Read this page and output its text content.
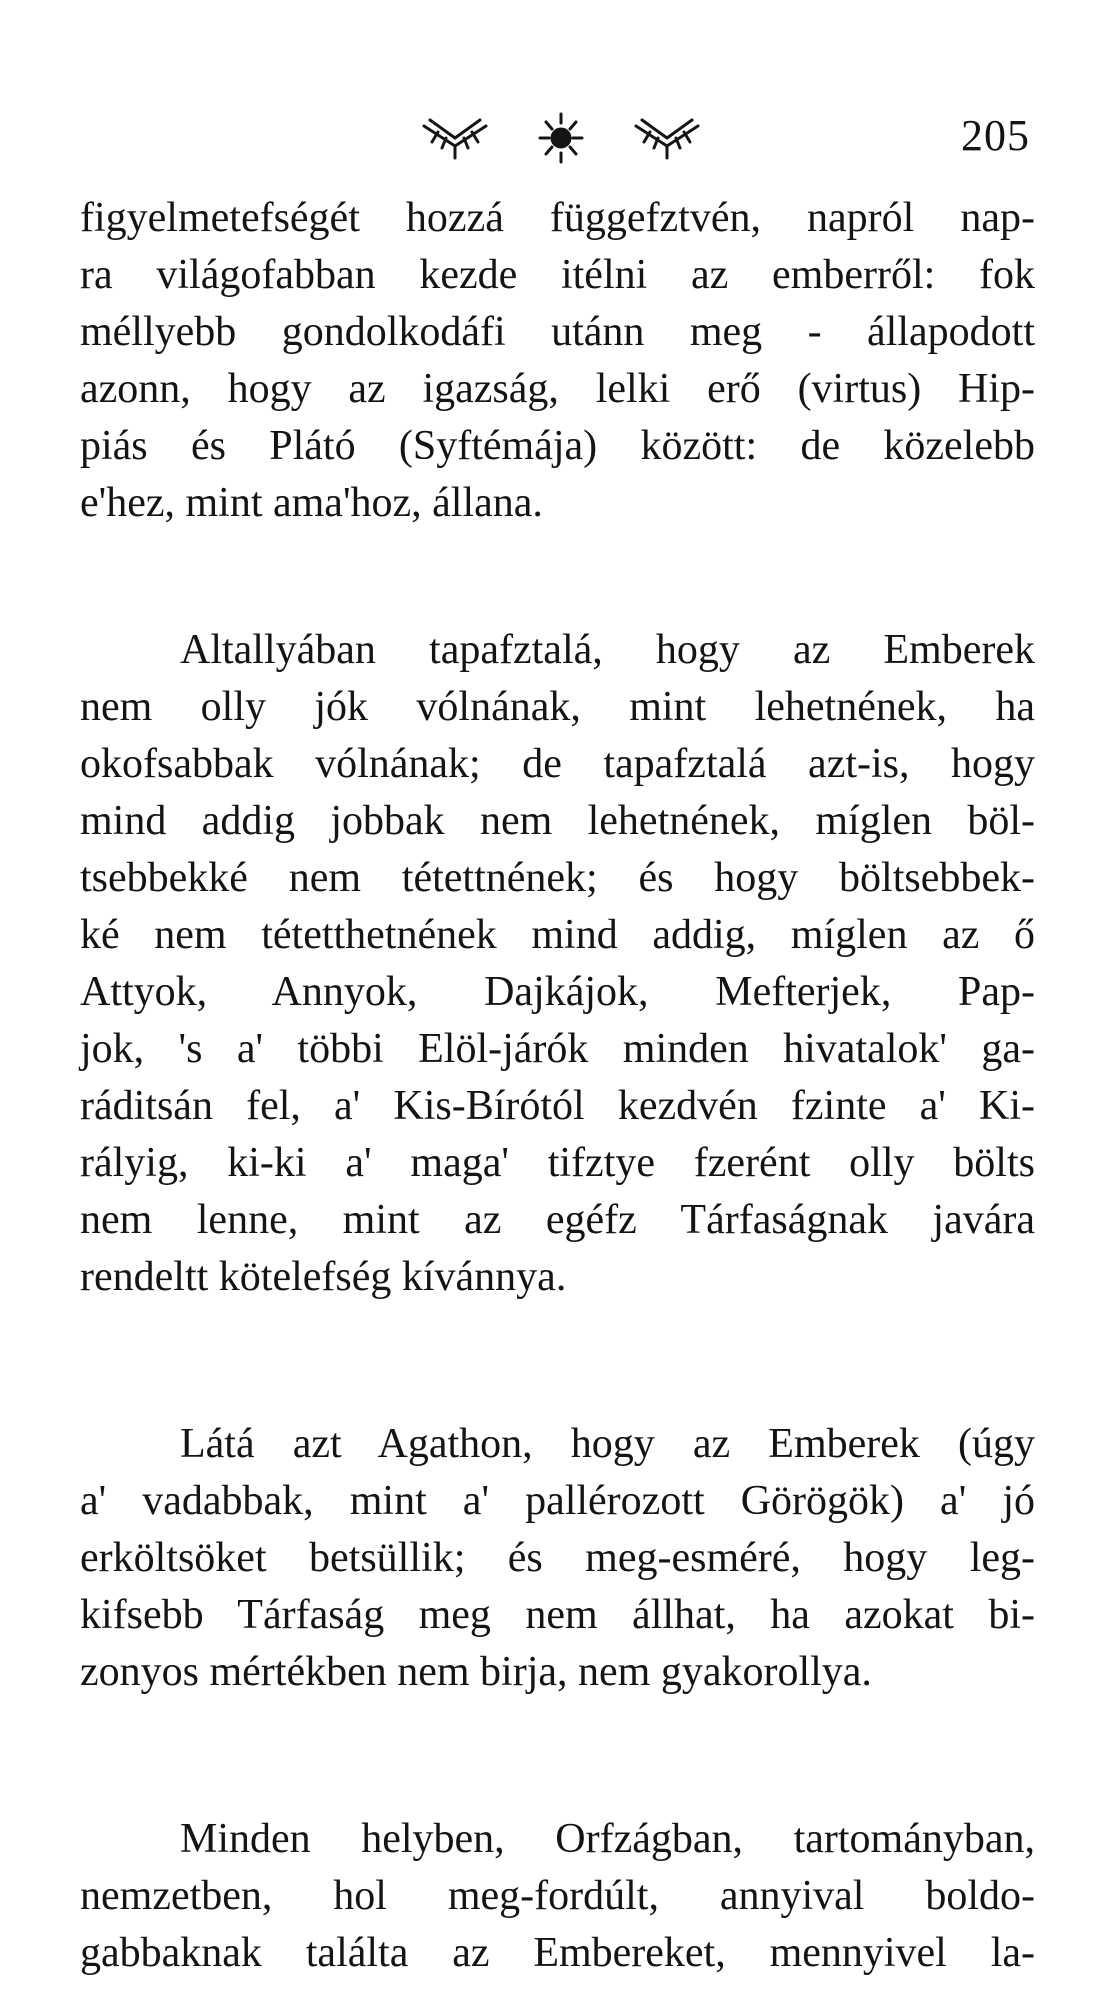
205

figyelmetefségét hozzá függefztvén, napról nap-
ra világofabban kezde itélni az emberről: fok
méllyebb gondolkodáfi utánn meg - állapodott
azonn, hogy az igazság, lelki erő (virtus) Hip-
piás és Plátó (Syftémája) között: de közelebb
e'hez, mint ama'hoz, állana.

Altallyában tapafztalá, hogy az Emberek
nem olly jók vólnának, mint lehetnének, ha
okofsabbak vólnának; de tapafztalá azt-is, hogy
mind addig jobbak nem lehetnének, míglen böl-
tsebbekké nem tétettnének; és hogy böltsebbek-
ké nem tétetthetnének mind addig, míglen az ő
Attyok, Annyok, Dajkájok, Mefterjek, Pap-
jok, 's a' többi Elöl-járók minden hivatalok' ga-
ráditsán fel, a' Kis-Bírótól kezdvén fzinte a' Ki-
rályig, ki-ki a' maga' tifztye fzerént olly bölts
nem lenne, mint az egéfz Tárfaságnak javára
rendeltt kötelefség kívánnya.

Látá azt Agathon, hogy az Emberek (úgy
a' vadabbak, mint a' pallérozott Görögök) a' jó
erköltsöket betsüllik; és meg-esméré, hogy leg-
kifsebb Tárfaság meg nem állhat, ha azokat bi-
zonyos mértékben nem birja, nem gyakorollya.

Minden helyben, Orfzágban, tartományban,
nemzetben, hol meg-fordúlt, annyival boldo-
gabbaknak találta az Embereket, mennyivel la-
